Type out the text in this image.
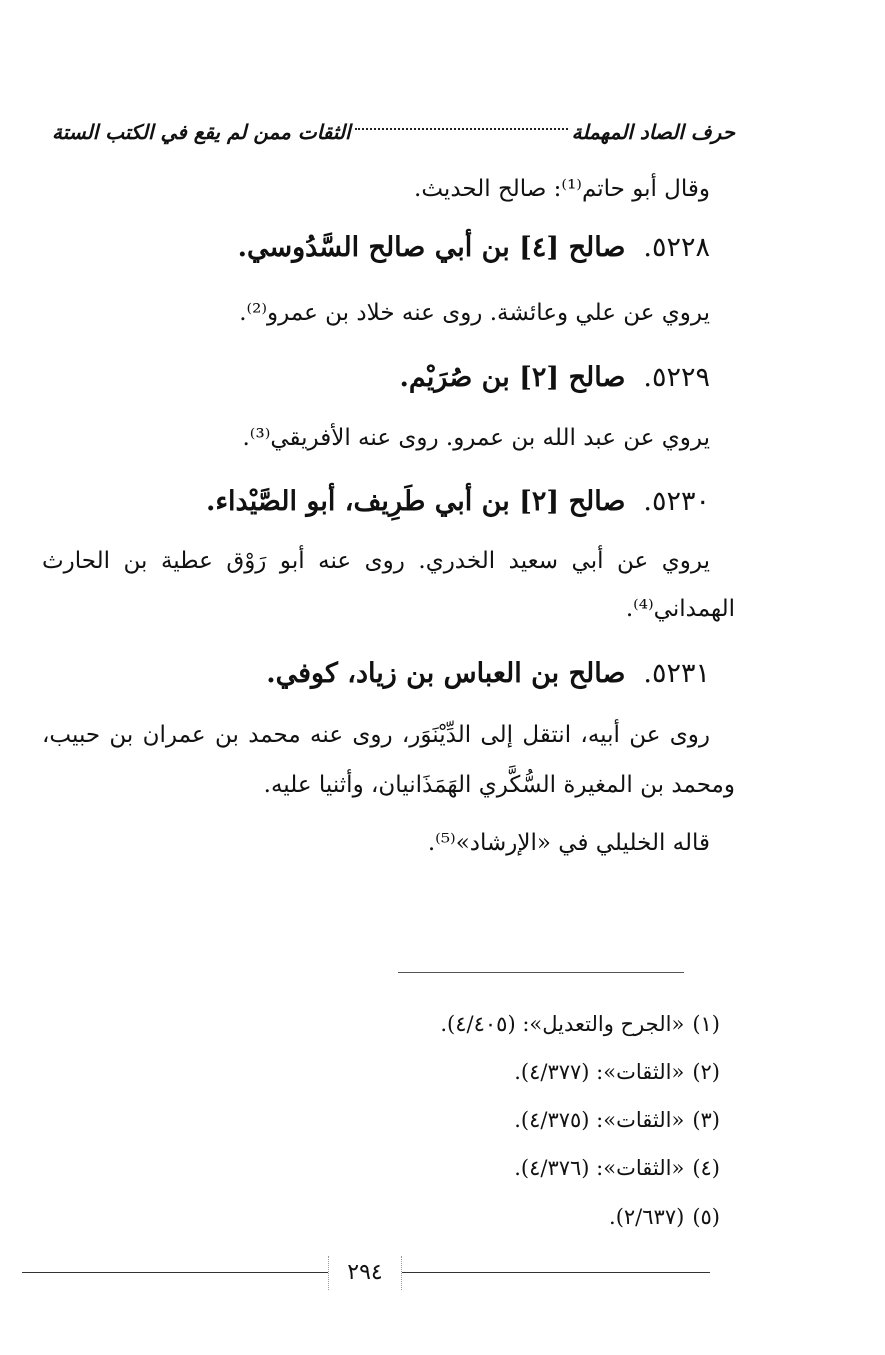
حرف الصاد المهملة
الثقات ممن لم يقع في الكتب الستة
وقال أبو حاتم⁽¹⁾: صالح الحديث.
٥٢٢٨.صالح [٤] بن أبي صالح السَّدُوسي.
يروي عن علي وعائشة. روى عنه خلاد بن عمرو⁽²⁾.
٥٢٢٩.صالح [٢] بن صُرَيْم.
يروي عن عبد الله بن عمرو. روى عنه الأفريقي⁽³⁾.
٥٢٣٠.صالح [٢] بن أبي طَرِيف، أبو الصَّيْداء.
يروي عن أبي سعيد الخدري. روى عنه أبو رَوْق عطية بن الحارث
الهمداني⁽⁴⁾.
٥٢٣١.صالح بن العباس بن زياد، كوفي.
روى عن أبيه، انتقل إلى الدِّيْنَوَر، روى عنه محمد بن عمران بن حبيب،
ومحمد بن المغيرة السُّكَّري الهَمَذَانيان، وأثنيا عليه.
قاله الخليلي في «الإرشاد»⁽⁵⁾.
(١)«الجرح والتعديل»: (٤/٤٠٥).
(٢)«الثقات»: (٤/٣٧٧).
(٣)«الثقات»: (٤/٣٧٥).
(٤)«الثقات»: (٤/٣٧٦).
(٥)(٢/٦٣٧).
٢٩٤
